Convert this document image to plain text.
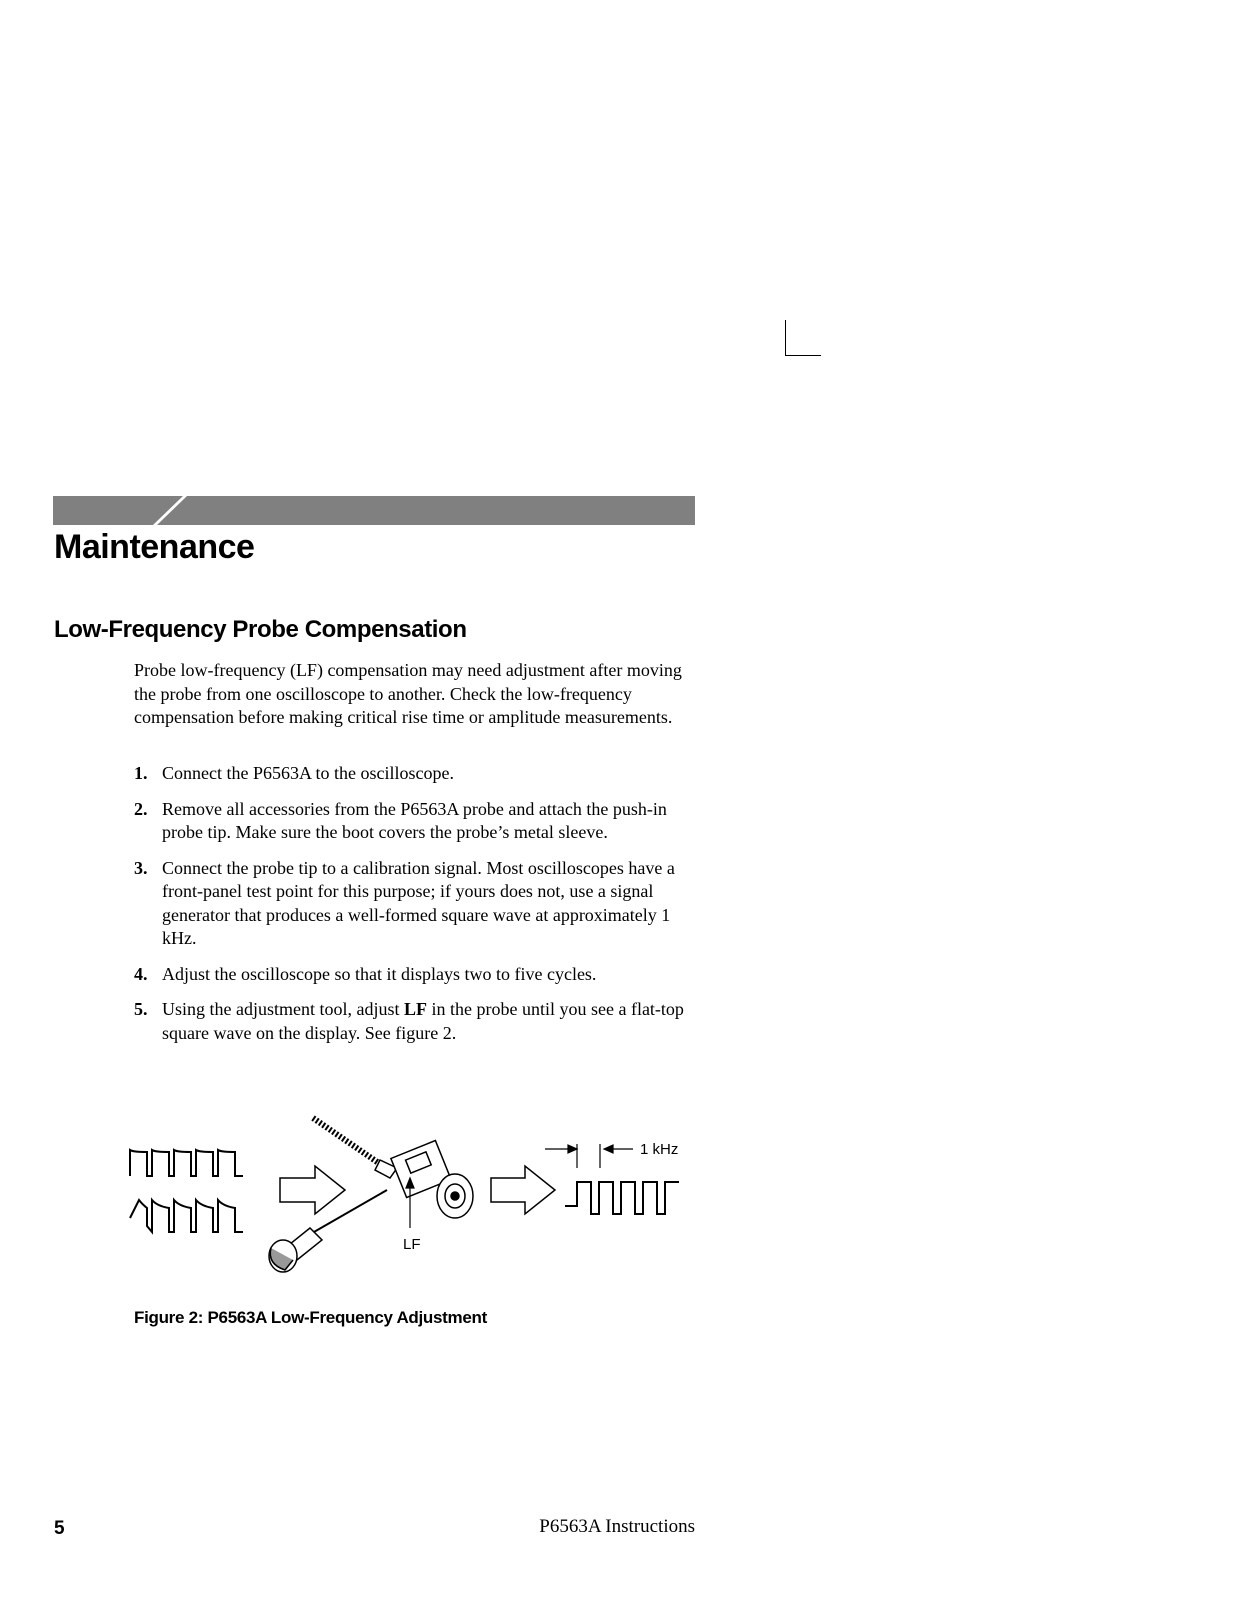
Maintenance
Low-Frequency Probe Compensation

Probe low-frequency (LF) compensation may need adjustment after moving the probe from one oscilloscope to another. Check the low-frequency compensation before making critical rise time or amplitude measurements.

1. Connect the P6563A to the oscilloscope.
2. Remove all accessories from the P6563A probe and attach the push-in probe tip. Make sure the boot covers the probe’s metal sleeve.
3. Connect the probe tip to a calibration signal. Most oscilloscopes have a front-panel test point for this purpose; if yours does not, use a signal generator that produces a well-formed square wave at approximately 1 kHz.
4. Adjust the oscilloscope so that it displays two to five cycles.
5. Using the adjustment tool, adjust LF in the probe until you see a flat-top square wave on the display. See figure 2.
LF
1 kHz

Figure 2: P6563A Low-Frequency Adjustment

5	P6563A Instructions
